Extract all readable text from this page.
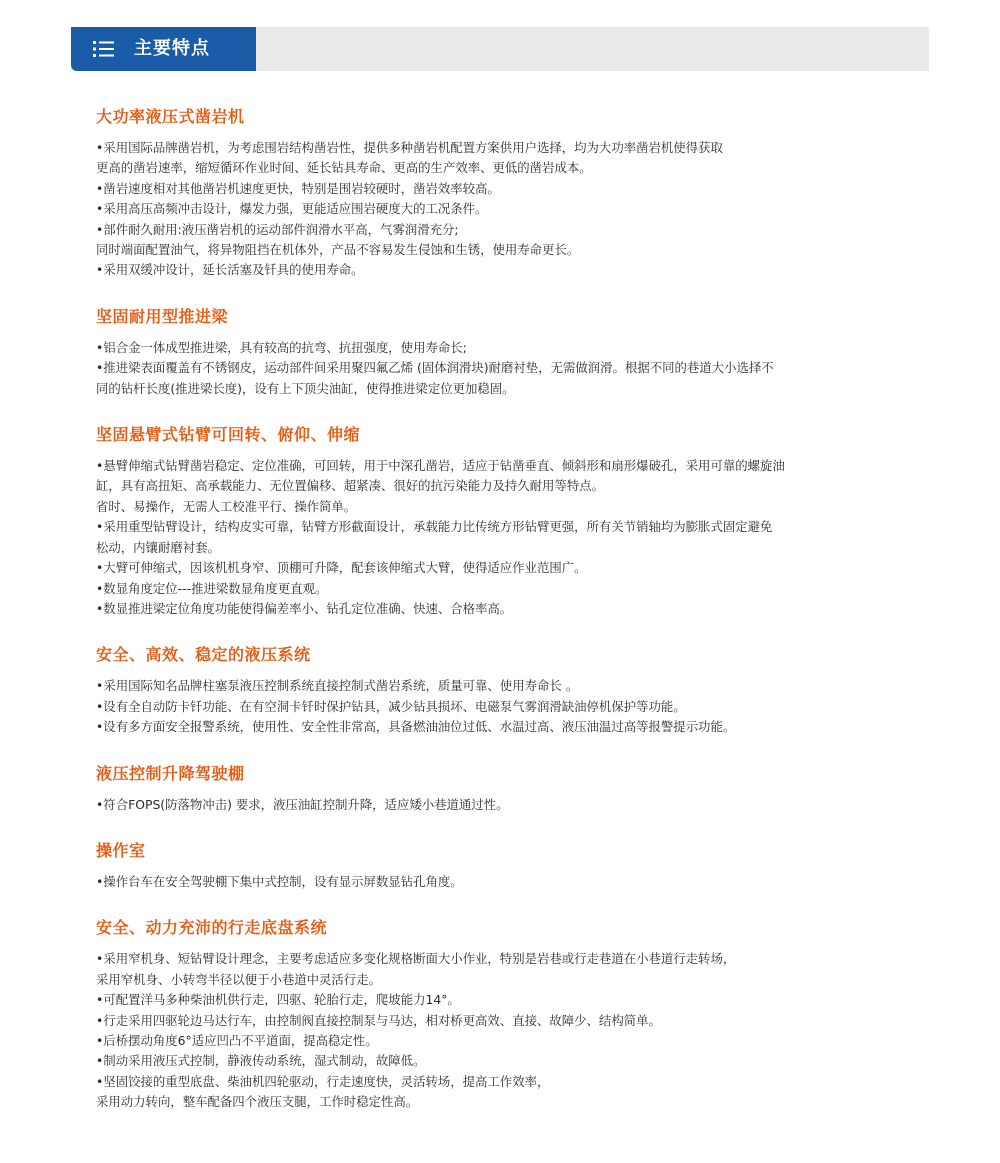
主要特点
大功率液压式凿岩机
•采用国际品牌凿岩机，为考虑围岩结构凿岩性，提供多种凿岩机配置方案供用户选择，均为大功率凿岩机使得获取
更高的凿岩速率，缩短循环作业时间、延长钻具寿命、更高的生产效率、更低的凿岩成本。
•凿岩速度相对其他凿岩机速度更快，特别是围岩较硬时，凿岩效率较高。
•采用高压高频冲击设计，爆发力强，更能适应围岩硬度大的工况条件。
•部件耐久耐用:液压凿岩机的运动部件润滑水平高，气雾润滑充分;
同时端面配置油气，将异物阻挡在机体外，产品不容易发生侵蚀和生锈，使用寿命更长。
•采用双缓冲设计，延长活塞及钎具的使用寿命。
坚固耐用型推进梁
•铝合金一体成型推进梁，具有较高的抗弯、抗扭强度，使用寿命长;
•推进梁表面覆盖有不锈钢皮，运动部件间采用聚四氟乙烯 (固体润滑块)耐磨衬垫，无需做润滑。根据不同的巷道大小选择不
同的钻杆长度(推进梁长度)，设有上下顶尖油缸，使得推进梁定位更加稳固。
坚固悬臂式钻臂可回转、俯仰、伸缩
•悬臂伸缩式钻臂凿岩稳定、定位准确，可回转，用于中深孔凿岩，适应于钻凿垂直、倾斜形和扇形爆破孔，采用可靠的螺旋油
缸，具有高扭矩、高承载能力、无位置偏移、超紧凑、很好的抗污染能力及持久耐用等特点。
省时、易操作，无需人工校准平行、操作简单。
•采用重型钻臂设计，结构皮实可靠，钻臂方形截面设计，承载能力比传统方形钻臂更强，所有关节销轴均为膨胀式固定避免
松动，内镶耐磨衬套。
•大臂可伸缩式，因该机机身窄、顶棚可升降，配套该伸缩式大臂，使得适应作业范围广。
•数显角度定位---推进梁数显角度更直观。
•数显推进梁定位角度功能使得偏差率小、钻孔定位准确、快速、合格率高。
安全、高效、稳定的液压系统
•采用国际知名品牌柱塞泵液压控制系统直接控制式凿岩系统，质量可靠、使用寿命长 。
•设有全自动防卡钎功能、在有空洞卡钎时保护钻具，减少钻具损坏、电磁泵气雾润滑缺油停机保护等功能。
•设有多方面安全报警系统，使用性、安全性非常高，具备燃油油位过低、水温过高、液压油温过高等报警提示功能。
液压控制升降驾驶棚
•符合FOPS(防落物冲击) 要求，液压油缸控制升降，适应矮小巷道通过性。
操作室
•操作台车在安全驾驶棚下集中式控制，设有显示屏数显钻孔角度。
安全、动力充沛的行走底盘系统
•采用窄机身、短钻臂设计理念，主要考虑适应多变化规格断面大小作业，特别是岩巷或行走巷道在小巷道行走转场，
采用窄机身、小转弯半径以便于小巷道中灵活行走。
•可配置洋马多种柴油机供行走，四驱、轮胎行走，爬坡能力14°。
•行走采用四驱轮边马达行车，由控制阀直接控制泵与马达，相对桥更高效、直接、故障少、结构简单。
•后桥摆动角度6°适应凹凸不平道面，提高稳定性。
•制动采用液压式控制，静液传动系统，湿式制动，故障低。
•坚固饺接的重型底盘、柴油机四轮驱动，行走速度快，灵活转场，提高工作效率，
采用动力转向，整车配备四个液压支腿，工作时稳定性高。
